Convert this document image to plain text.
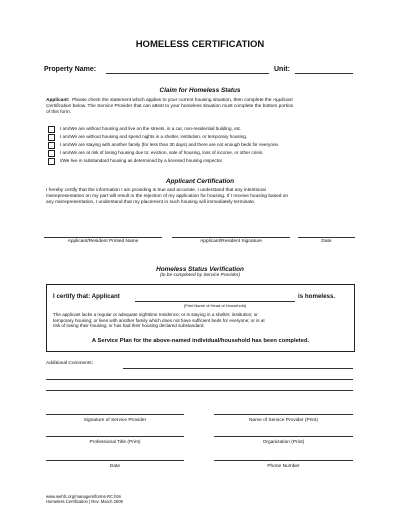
HOMELESS CERTIFICATION
Property Name:	Unit:
Claim for Homeless Status
Applicant: Please check the statement which applies to your current housing situation, then complete the Applicant
Certification below. The Service Provider that can attest to your homeless situation must complete the bottom portion
of this form.
I am/We are without housing and live on the streets, in a car, non-residential building, etc.
I am/We are without housing and spend nights in a shelter, institution, or temporary housing.
I am/We are staying with another family (for less than 30 days) and there are not enough beds for everyone.
I am/We are at risk of losing housing due to: eviction, sale of housing, loss of income, or other crisis.
I/We live in substandard housing as determined by a licensed housing inspector.
Applicant Certification
I hereby certify that the information I am providing is true and accurate. I understand that any intentional
misrepresentation on my part will result in the rejection of my application for housing. If I receive housing based on
any misrepresentation, I understand that my placement in such housing will immediately terminate.
Applicant/Resident Printed Name	Applicant/Resident Signature	Date
Homeless Status Verification
(to be completed by Service Provider)
I certify that: Applicant	is homeless.
(Print Name of Head of Household)
The applicant lacks a regular or adequate nighttime residence; or is staying in a shelter, institution; or
temporary housing; or lives with another family which does not have sufficient beds for everyone; or is at
risk of losing their housing; or has had their housing declared substandard.
A Service Plan for the above-named individual/household has been completed.
Additional Comments:
Signature of Service Provider	Name of Service Provider (Print)
Professional Title (Print)	Organization (Print)
Date	Phone Number
www.wehfc.org/managers/forms-RC.htm
Homeless Certification | Rev. March 2009
